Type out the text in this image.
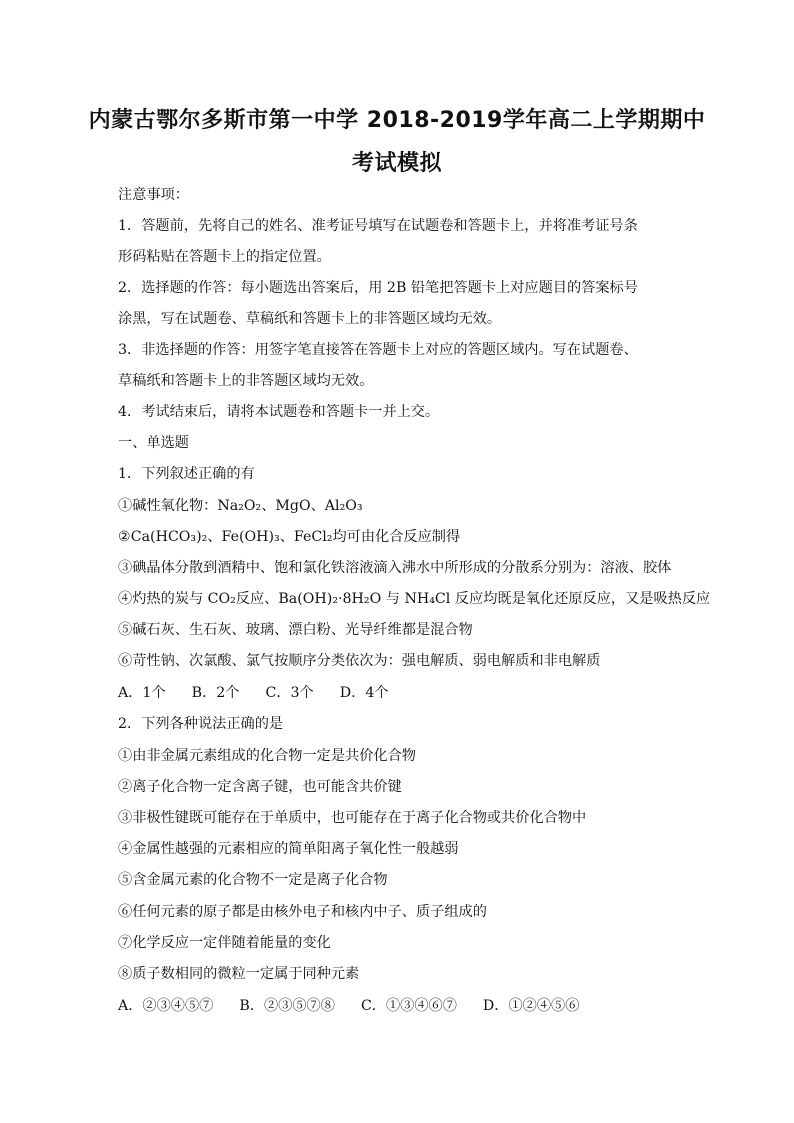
内蒙古鄂尔多斯市第一中学 2018-2019学年高二上学期期中
考试模拟
注意事项：
1．答题前，先将自己的姓名、准考证号填写在试题卷和答题卡上，并将准考证号条
形码粘贴在答题卡上的指定位置。
2．选择题的作答：每小题选出答案后，用 2B 铅笔把答题卡上对应题目的答案标号
涂黑，写在试题卷、草稿纸和答题卡上的非答题区域均无效。
3．非选择题的作答：用签字笔直接答在答题卡上对应的答题区域内。写在试题卷、
草稿纸和答题卡上的非答题区域均无效。
4．考试结束后，请将本试题卷和答题卡一并上交。
一、单选题
1．下列叙述正确的有
①碱性氧化物：Na₂O₂、MgO、Al₂O₃
②Ca(HCO₃)₂、Fe(OH)₃、FeCl₂均可由化合反应制得
③碘晶体分散到酒精中、饱和氯化铁溶液滴入沸水中所形成的分散系分别为：溶液、胶体
④灼热的炭与 CO₂反应、Ba(OH)₂·8H₂O 与 NH₄Cl 反应均既是氧化还原反应，又是吸热反应
⑤碱石灰、生石灰、玻璃、漂白粉、光导纤维都是混合物
⑥苛性钠、次氯酸、氯气按顺序分类依次为：强电解质、弱电解质和非电解质
A．1个 B．2个 C．3个 D．4个
2．下列各种说法正确的是
①由非金属元素组成的化合物一定是共价化合物
②离子化合物一定含离子键，也可能含共价键
③非极性键既可能存在于单质中，也可能存在于离子化合物或共价化合物中
④金属性越强的元素相应的简单阳离子氧化性一般越弱
⑤含金属元素的化合物不一定是离子化合物
⑥任何元素的原子都是由核外电子和核内中子、质子组成的
⑦化学反应一定伴随着能量的变化
⑧质子数相同的微粒一定属于同种元素
A．②③④⑤⑦ B．②③⑤⑦⑧ C．①③④⑥⑦ D．①②④⑤⑥
